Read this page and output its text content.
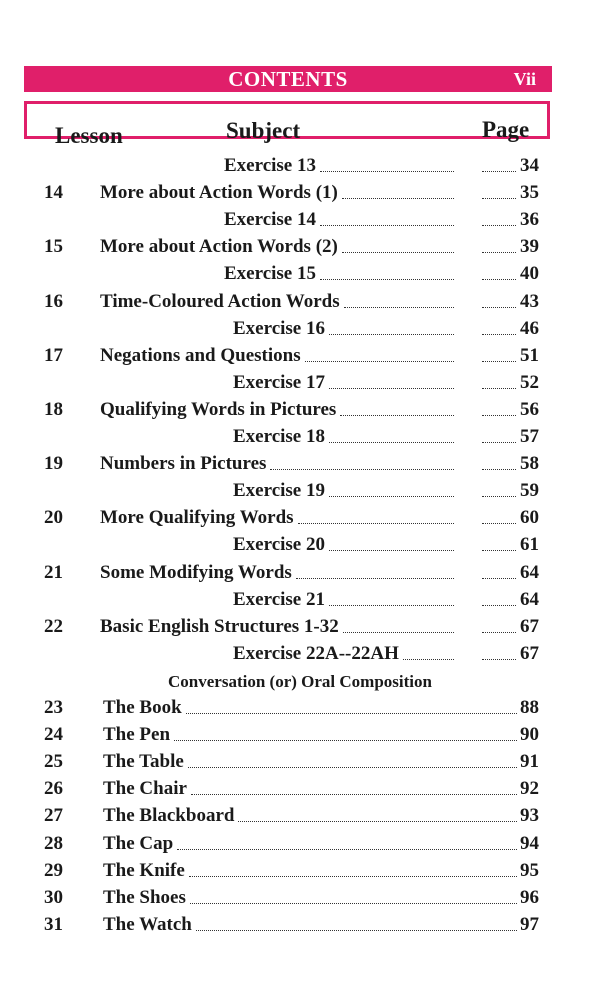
CONTENTS	Vii
Lesson	Subject	Page
Exercise 13	34
14	More about Action Words (1)	35
Exercise 14	36
15	More about Action Words (2)	39
Exercise 15	40
16	Time-Coloured Action Words	43
Exercise 16	46
17	Negations and Questions	51
Exercise 17	52
18	Qualifying Words in Pictures	56
Exercise 18	57
19	Numbers in Pictures	58
Exercise 19	59
20	More Qualifying Words	60
Exercise 20	61
21	Some Modifying Words	64
Exercise 21	64
22	Basic English Structures 1-32	67
Exercise 22A--22AH	67
Conversation (or) Oral Composition
23	The Book	88
24	The Pen	90
25	The Table	91
26	The Chair	92
27	The Blackboard	93
28	The Cap	94
29	The Knife	95
30	The Shoes	96
31	The Watch	97
